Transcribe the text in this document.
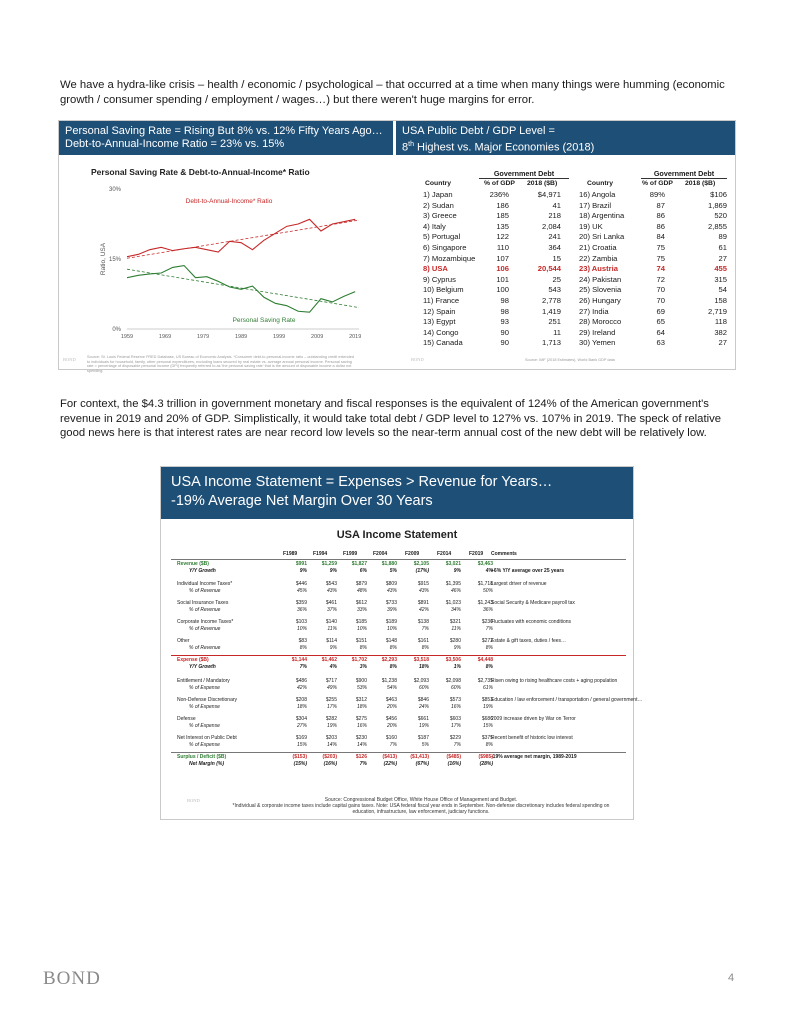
We have a hydra-like crisis – health / economic / psychological – that occurred at a time when many things were humming (economic growth / consumer spending / employment / wages…) but there weren't huge margins for error.
Personal Saving Rate = Rising But 8% vs. 12% Fifty Years Ago…
Debt-to-Annual-Income Ratio = 23% vs. 15%
USA Public Debt / GDP Level =
8th Highest vs. Major Economies (2018)
Personal Saving Rate & Debt-to-Annual-Income* Ratio
0%
15%
30%
Ratio, USA
1959	1969	1979	1989	1999	2009	2019
Debt-to-Annual-Income* Ratio
Personal Saving Rate
Government Debt	Government Debt
Country	% of GDP 2018 ($B)	% of GDP 2018 ($B)
Country
1) Japan	236%	$4,971 16) Angola	89%	$106
2) Sudan	186	41 17) Brazil	87	1,869
3) Greece	185	218 18) Argentina	86	520
4) Italy	135	2,084 19) UK	86	2,855
5) Portugal	122	241 20) Sri Lanka	84	89
6) Singapore	110	364 21) Croatia	75	61
7) Mozambique	107	15 22) Zambia	75	27
8) USA	106	20,544 23) Austria	74	455
9) Cyprus	101	25 24) Pakistan	72	315
10) Belgium	100	543 25) Slovenia	70	54
11) France	98	2,778 26) Hungary	70	158
12) Spain	98	1,419 27) India	69	2,719
13) Egypt	93	251 28) Morocco	65	118
14) Congo	90	11 29) Ireland	64	382
15) Canada	90	1,713 30) Yemen	63	27
Source: St. Louis Federal Reserve FRED Database, US Bureau of Economic Analysis. *Consumer debt-to-personal-income ratio – outstanding credit extended to individuals for household, family, other personal expenditures, excluding loans secured by real estate vs. average annual personal income. Personal saving rate = percentage of disposable personal income (DPI) frequently referred to as 'the personal saving rate' that is the amount of disposable income a dollar not spending.
BOND	BOND	Source: IMF (2018 Estimates), World Bank GDP data
For context, the $4.3 trillion in government monetary and fiscal responses is the equivalent of 124% of the American government's revenue in 2019 and 20% of GDP. Simplistically, it would take total debt / GDP level to 127% vs. 107% in 2019. The speck of relative good news here is that interest rates are near record low levels so the near-term annual cost of the new debt will be relatively low.
USA Income Statement = Expenses > Revenue for Years…
-19% Average Net Margin Over 30 Years
USA Income Statement
F1989	F1994	F1999	F2004	F2009	F2014	F2019 Comments
Revenue ($B)	$991	$1,259	$1,827	$1,880	$2,105	$3,021	$3,463
Y/Y Growth	9%	9%	6%	5%	(17%)	9%	4%
+6% Y/Y average over 25 years
Individual Income Taxes*	$446	$543	$879	$809	$915	$1,395	$1,718
Largest driver of revenue
% of Revenue	45%	43%	48%	43%	43%	46%	50%
Social Insurance Taxes	$359	$461	$612	$733	$891	$1,023	$1,243
Social Security & Medicare payroll tax
% of Revenue	36%	37%	33%	39%	42%	34%	36%
Corporate Income Taxes*	$103	$140	$185	$189	$138	$321	$230
Fluctuates with economic conditions
% of Revenue	10%	11%	10%	10%	7%	11%	7%
Other	$83	$114	$151	$148	$161	$280	$272
Estate & gift taxes, duties / fees…
% of Revenue	8%	9%	8%	8%	8%	9%	8%
Expense ($B)	$1,144	$1,462	$1,702	$2,293	$3,518	$3,506	$4,448
Y/Y Growth	7%	4%	3%	8%	18%	1%	8%
Entitlement / Mandatory	$486	$717	$900	$1,238	$2,093	$2,098	$2,735
Risen owing to rising healthcare costs + aging population
% of Expense	42%	49%	53%	54%	60%	60%	61%
Non-Defense Discretionary	$208	$255	$312	$463	$846	$573	$853
Education / law enforcement / transportation / general government…
% of Expense	18%	17%	18%	20%	24%	16%	19%
Defense	$304	$282	$275	$456	$661	$603	$686
2009 increase driven by War on Terror
% of Expense	27%	19%	16%	20%	19%	17%	15%
Net Interest on Public Debt	$169	$203	$230	$160	$187	$229	$375
Recent benefit of historic low interest
% of Expense	15%	14%	14%	7%	5%	7%	8%
Surplus / Deficit ($B)	($153)	($203)	$126	($413)	($1,413)	($485)	($985)
-19% average net margin, 1989-2019
Net Margin (%)	(15%)	(16%)	7%	(22%)	(67%)	(16%)	(28%)
BOND	Source: Congressional Budget Office, White House Office of Management and Budget.
*Individual & corporate income taxes include capital gains taxes. Note: USA federal fiscal year ends in September. Non-defense discretionary includes federal spending on education, infrastructure, law enforcement, judiciary functions.
BOND	4
